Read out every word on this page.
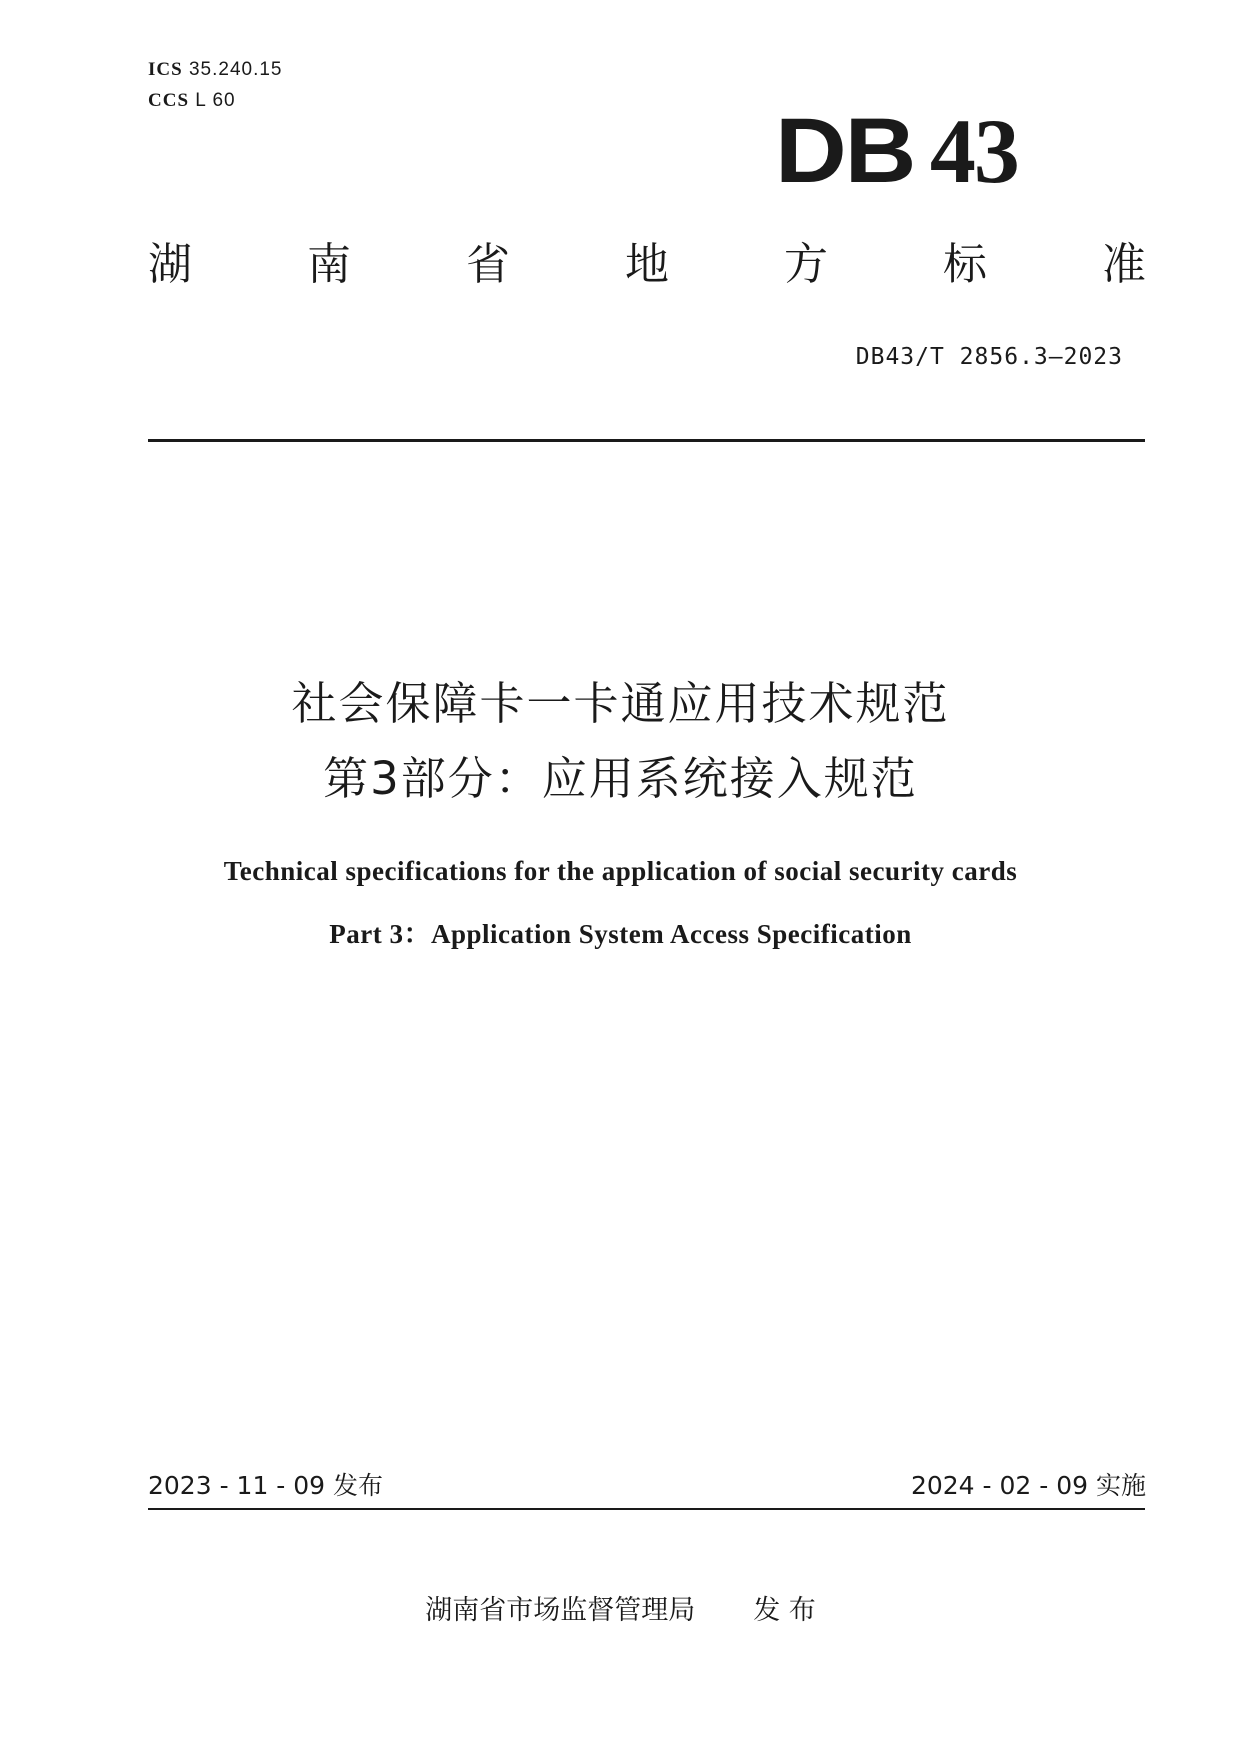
ICS 35.240.15
CCS L 60	DB 43
湖	南	省	地	方	标	准
DB43/T 2856.3—2023
社会保障卡一卡通应用技术规范
第3部分：应用系统接入规范
Technical specifications for the application of social security cards
Part 3：Application System Access Specification
2023 - 11 - 09 发布	2024 - 02 - 09 实施
湖南省市场监督管理局 发 布
